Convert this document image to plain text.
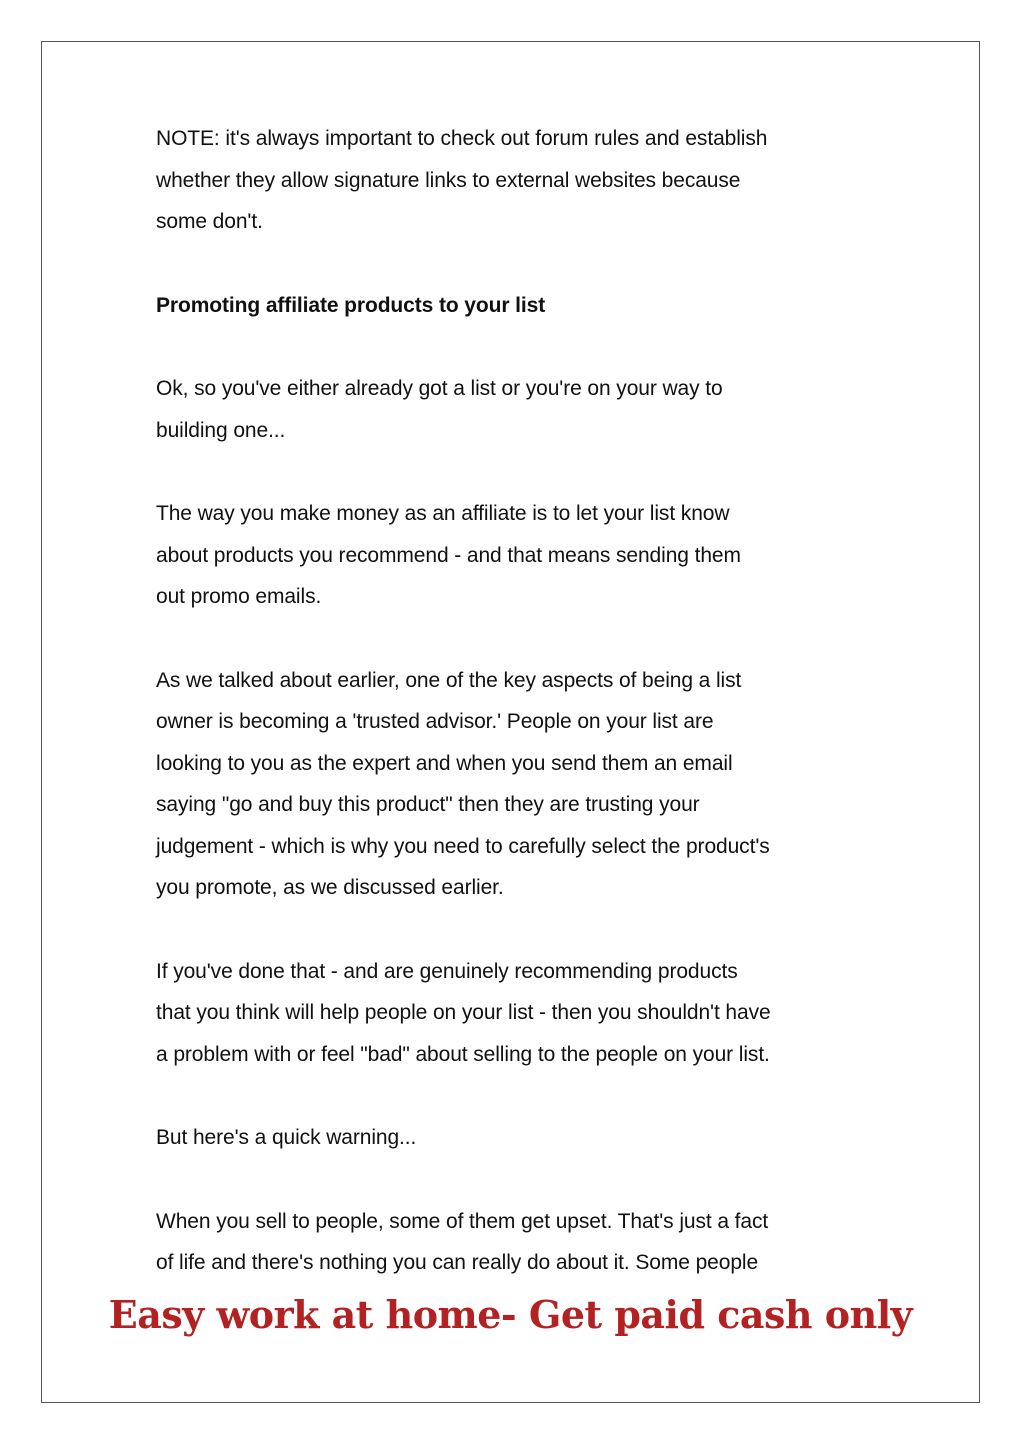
NOTE: it's always important to check out forum rules and establish
whether they allow signature links to external websites because
some don't.

Promoting affiliate products to your list

Ok, so you've either already got a list or you're on your way to
building one...

The way you make money as an affiliate is to let your list know
about products you recommend - and that means sending them
out promo emails.

As we talked about earlier, one of the key aspects of being a list
owner is becoming a 'trusted advisor.' People on your list are
looking to you as the expert and when you send them an email
saying "go and buy this product" then they are trusting your
judgement - which is why you need to carefully select the product's
you promote, as we discussed earlier.

If you've done that - and are genuinely recommending products
that you think will help people on your list - then you shouldn't have
a problem with or feel "bad" about selling to the people on your list.

But here's a quick warning...

When you sell to people, some of them get upset. That's just a fact
of life and there's nothing you can really do about it. Some people

Easy work at home- Get paid cash only
